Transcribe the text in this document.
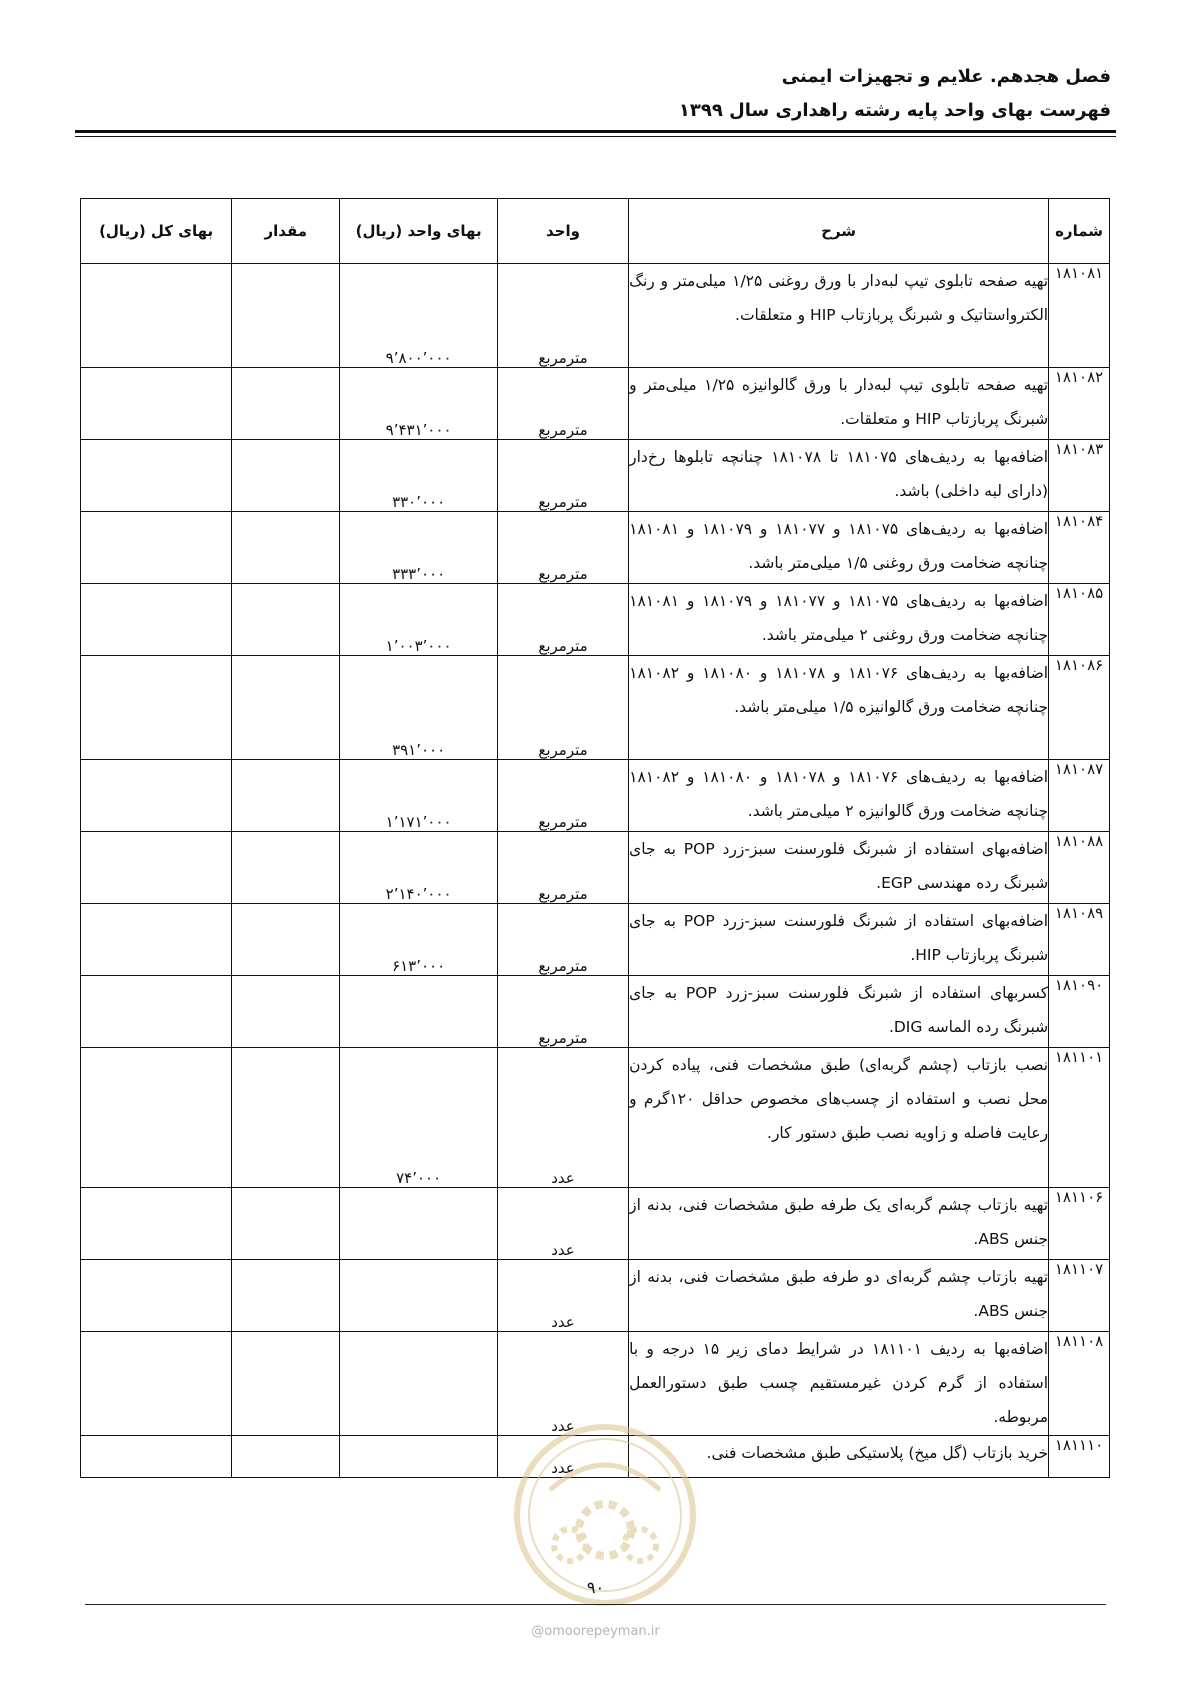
فصل هجدهم. علایم و تجهیزات ایمنی
فهرست بهای واحد پایه رشته راهداری سال ۱۳۹۹
شماره	شرح	واحد	بهای واحد (ریال)	مقدار	بهای کل (ریال)
۱۸۱۰۸۱	تهیه صفحه تابلوی تیپ لبه‌دار با ورق روغنی ۱/۲۵ میلی‌متر و رنگ الکترواستاتیک و شبرنگ پربازتاب HIP و متعلقات.	مترمربع	۹٬۸۰۰٬۰۰۰		
۱۸۱۰۸۲	تهیه صفحه تابلوی تیپ لبه‌دار با ورق گالوانیزه ۱/۲۵ میلی‌متر و شبرنگ پربازتاب HIP و متعلقات.	مترمربع	۹٬۴۳۱٬۰۰۰		
۱۸۱۰۸۳	اضافه‌بها به ردیف‌های ۱۸۱۰۷۵ تا ۱۸۱۰۷۸ چنانچه تابلوها رخ‌دار (دارای لبه داخلی) باشد.	مترمربع	۳۳۰٬۰۰۰		
۱۸۱۰۸۴	اضافه‌بها به ردیف‌های ۱۸۱۰۷۵ و ۱۸۱۰۷۷ و ۱۸۱۰۷۹ و ۱۸۱۰۸۱ چنانچه ضخامت ورق روغنی ۱/۵ میلی‌متر باشد.	مترمربع	۳۳۳٬۰۰۰		
۱۸۱۰۸۵	اضافه‌بها به ردیف‌های ۱۸۱۰۷۵ و ۱۸۱۰۷۷ و ۱۸۱۰۷۹ و ۱۸۱۰۸۱ چنانچه ضخامت ورق روغنی ۲ میلی‌متر باشد.	مترمربع	۱٬۰۰۳٬۰۰۰		
۱۸۱۰۸۶	اضافه‌بها به ردیف‌های ۱۸۱۰۷۶ و ۱۸۱۰۷۸ و ۱۸۱۰۸۰ و ۱۸۱۰۸۲ چنانچه ضخامت ورق گالوانیزه ۱/۵ میلی‌متر باشد.	مترمربع	۳۹۱٬۰۰۰		
۱۸۱۰۸۷	اضافه‌بها به ردیف‌های ۱۸۱۰۷۶ و ۱۸۱۰۷۸ و ۱۸۱۰۸۰ و ۱۸۱۰۸۲ چنانچه ضخامت ورق گالوانیزه ۲ میلی‌متر باشد.	مترمربع	۱٬۱۷۱٬۰۰۰		
۱۸۱۰۸۸	اضافه‌بهای استفاده از شبرنگ فلورسنت سبز-زرد POP به جای شبرنگ رده مهندسی EGP.	مترمربع	۲٬۱۴۰٬۰۰۰		
۱۸۱۰۸۹	اضافه‌بهای استفاده از شبرنگ فلورسنت سبز-زرد POP به جای شبرنگ پربازتاب HIP.	مترمربع	۶۱۳٬۰۰۰		
۱۸۱۰۹۰	کسربهای استفاده از شبرنگ فلورسنت سبز-زرد POP به جای شبرنگ رده الماسه DIG.	مترمربع			
۱۸۱۱۰۱	نصب بازتاب (چشم گربه‌ای) طبق مشخصات فنی، پیاده کردن محل نصب و استفاده از چسب‌های مخصوص حداقل ۱۲۰گرم و رعایت فاصله و زاویه نصب طبق دستور کار.	عدد	۷۴٬۰۰۰		
۱۸۱۱۰۶	تهیه بازتاب چشم گربه‌ای یک طرفه طبق مشخصات فنی، بدنه از جنس ABS.	عدد			
۱۸۱۱۰۷	تهیه بازتاب چشم گربه‌ای دو طرفه طبق مشخصات فنی، بدنه از جنس ABS.	عدد			
۱۸۱۱۰۸	اضافه‌بها به ردیف ۱۸۱۱۰۱ در شرایط دمای زیر ۱۵ درجه و با استفاده از گرم کردن غیرمستقیم چسب طبق دستورالعمل مربوطه.	عدد			
۱۸۱۱۱۰	خرید بازتاب (گل میخ) پلاستیکی طبق مشخصات فنی.	عدد			
۹۰
@omoorepeyman.ir
